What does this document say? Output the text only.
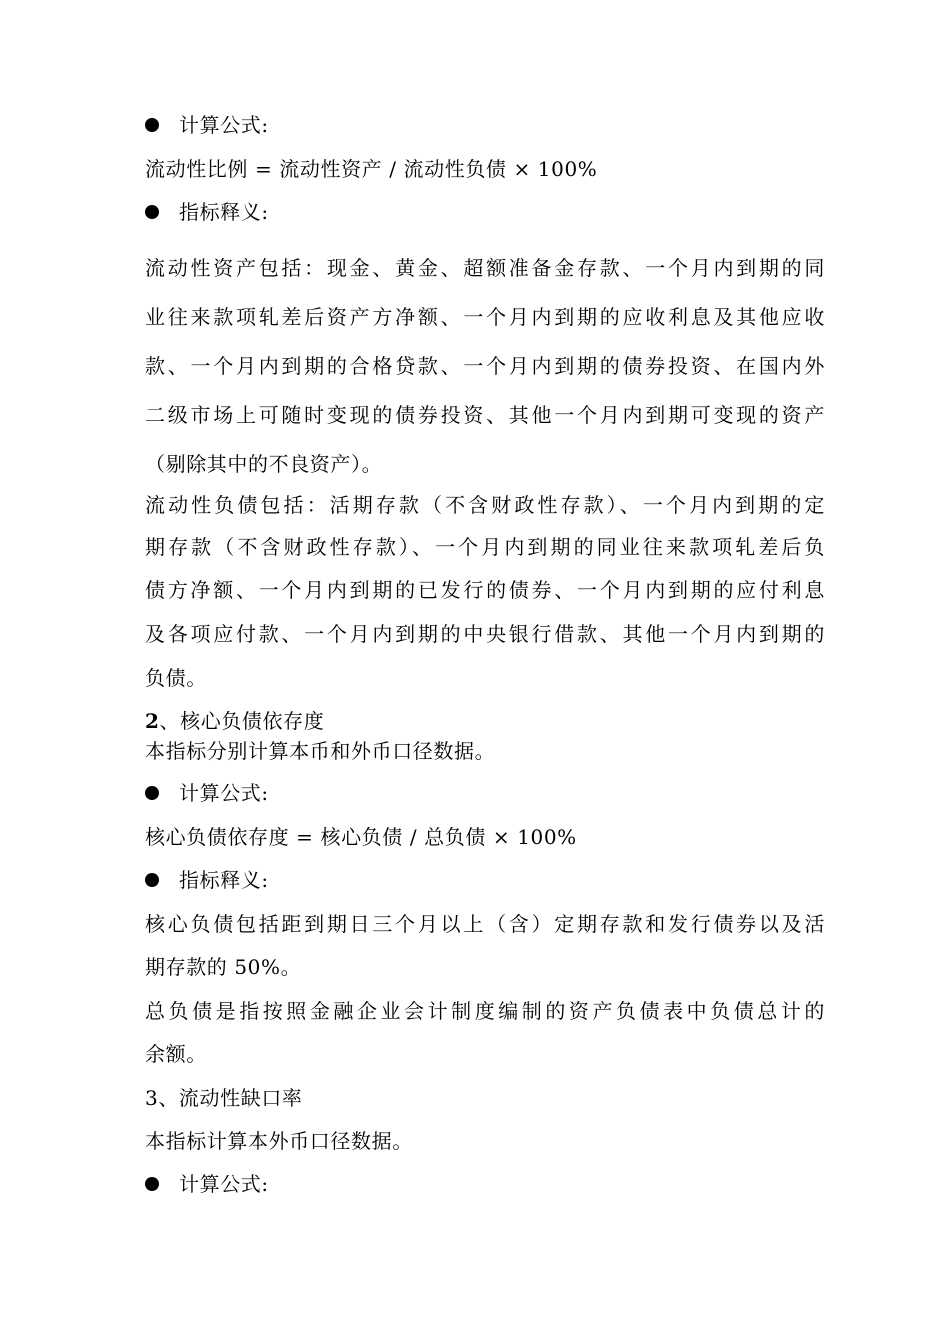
计算公式:
流动性比例 = 流动性资产 / 流动性负债 × 100%
指标释义:
流动性资产包括：现金、黄金、超额准备金存款、一个月内到期的同
业往来款项轧差后资产方净额、一个月内到期的应收利息及其他应收
款、一个月内到期的合格贷款、一个月内到期的债券投资、在国内外
二级市场上可随时变现的债券投资、其他一个月内到期可变现的资产
（剔除其中的不良资产）。
流动性负债包括：活期存款（不含财政性存款）、一个月内到期的定
期存款（不含财政性存款）、一个月内到期的同业往来款项轧差后负
债方净额、一个月内到期的已发行的债券、一个月内到期的应付利息
及各项应付款、一个月内到期的中央银行借款、其他一个月内到期的
负债。
2、核心负债依存度
本指标分别计算本币和外币口径数据。
计算公式:
核心负债依存度 = 核心负债 / 总负债 × 100%
指标释义:
核心负债包括距到期日三个月以上（含）定期存款和发行债券以及活
期存款的 50%。
总负债是指按照金融企业会计制度编制的资产负债表中负债总计的
余额。
3、流动性缺口率
本指标计算本外币口径数据。
计算公式:
